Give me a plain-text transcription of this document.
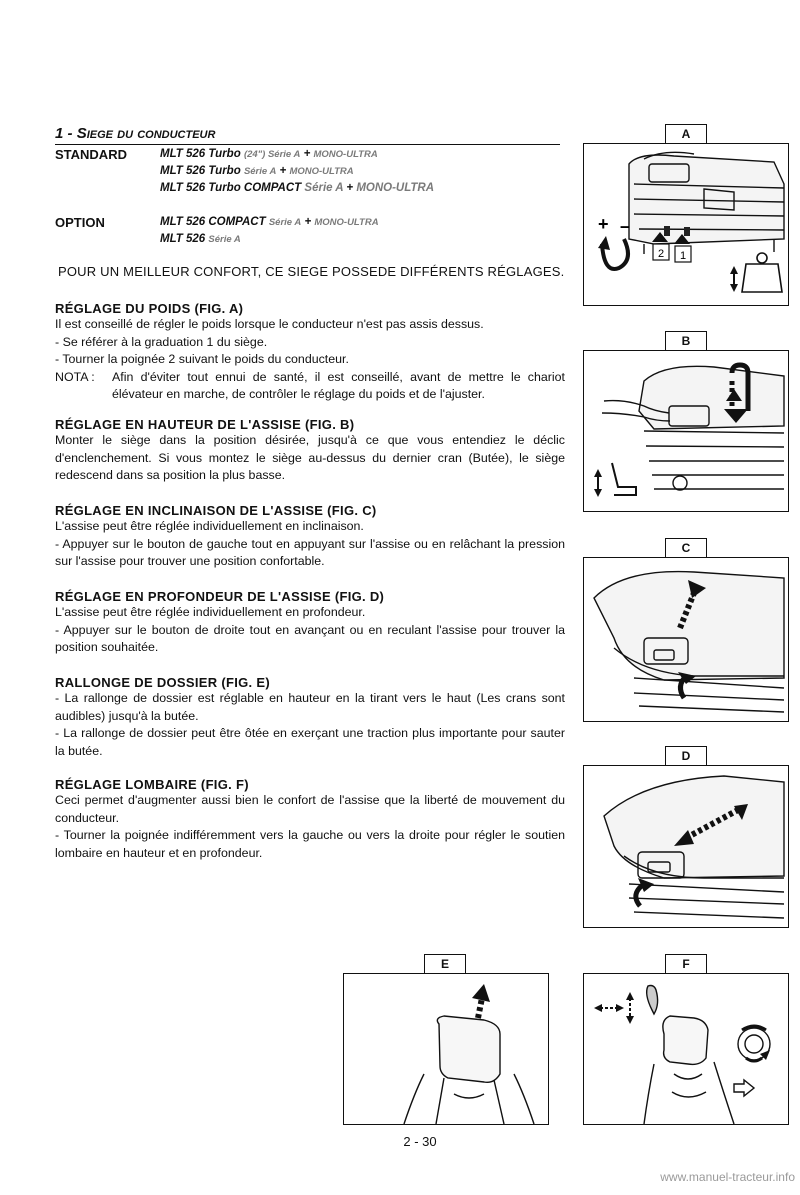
1 - Siege du conducteur
STANDARD	MLT 526 Turbo (24") Série A + MONO-ULTRA
MLT 526 Turbo Série A + MONO-ULTRA
MLT 526 Turbo COMPACT Série A + MONO-ULTRA
OPTION	MLT 526 COMPACT Série A + MONO-ULTRA
MLT 526 Série A
POUR UN MEILLEUR CONFORT, CE SIEGE POSSEDE DIFFÉRENTS RÉGLAGES.
RÉGLAGE DU POIDS (FIG. A)
Il est conseillé de régler le poids lorsque le conducteur n'est pas assis dessus.
- Se référer à la graduation 1 du siège.
- Tourner la poignée 2 suivant le poids du conducteur.
NOTA :	Afin d'éviter tout ennui de santé, il est conseillé, avant de mettre le chariot élévateur en marche, de contrôler le réglage du poids et de l'ajuster.
RÉGLAGE EN HAUTEUR DE L'ASSISE (FIG. B)
Monter le siège dans la position désirée, jusqu'à ce que vous entendiez le déclic d'enclenchement. Si vous montez le siège au-dessus du dernier cran (Butée), le siège redescend dans sa position la plus basse.
RÉGLAGE EN INCLINAISON DE L'ASSISE (FIG. C)
L'assise peut être réglée individuellement en inclinaison.
- Appuyer sur le bouton de gauche tout en appuyant sur l'assise ou en relâchant la pression sur l'assise pour trouver une position confortable.
RÉGLAGE EN PROFONDEUR DE L'ASSISE (FIG. D)
L'assise peut être réglée individuellement en profondeur.
- Appuyer sur le bouton de droite tout en avançant ou en reculant l'assise pour trouver la position souhaitée.
RALLONGE DE DOSSIER (FIG. E)
- La rallonge de dossier est réglable en hauteur en la tirant vers le haut (Les crans sont audibles) jusqu'à la butée.
- La rallonge de dossier peut être ôtée en exerçant une traction plus importante pour sauter la butée.
RÉGLAGE LOMBAIRE (FIG. F)
Ceci permet d'augmenter aussi bien le confort de l'assise que la liberté de mouvement du conducteur.
- Tourner la poignée indifféremment vers la gauche ou vers la droite pour régler le soutien lombaire en hauteur et en profondeur.
A
+ –
2 1
B
C
D
E	F
2 - 30
www.manuel-tracteur.info
